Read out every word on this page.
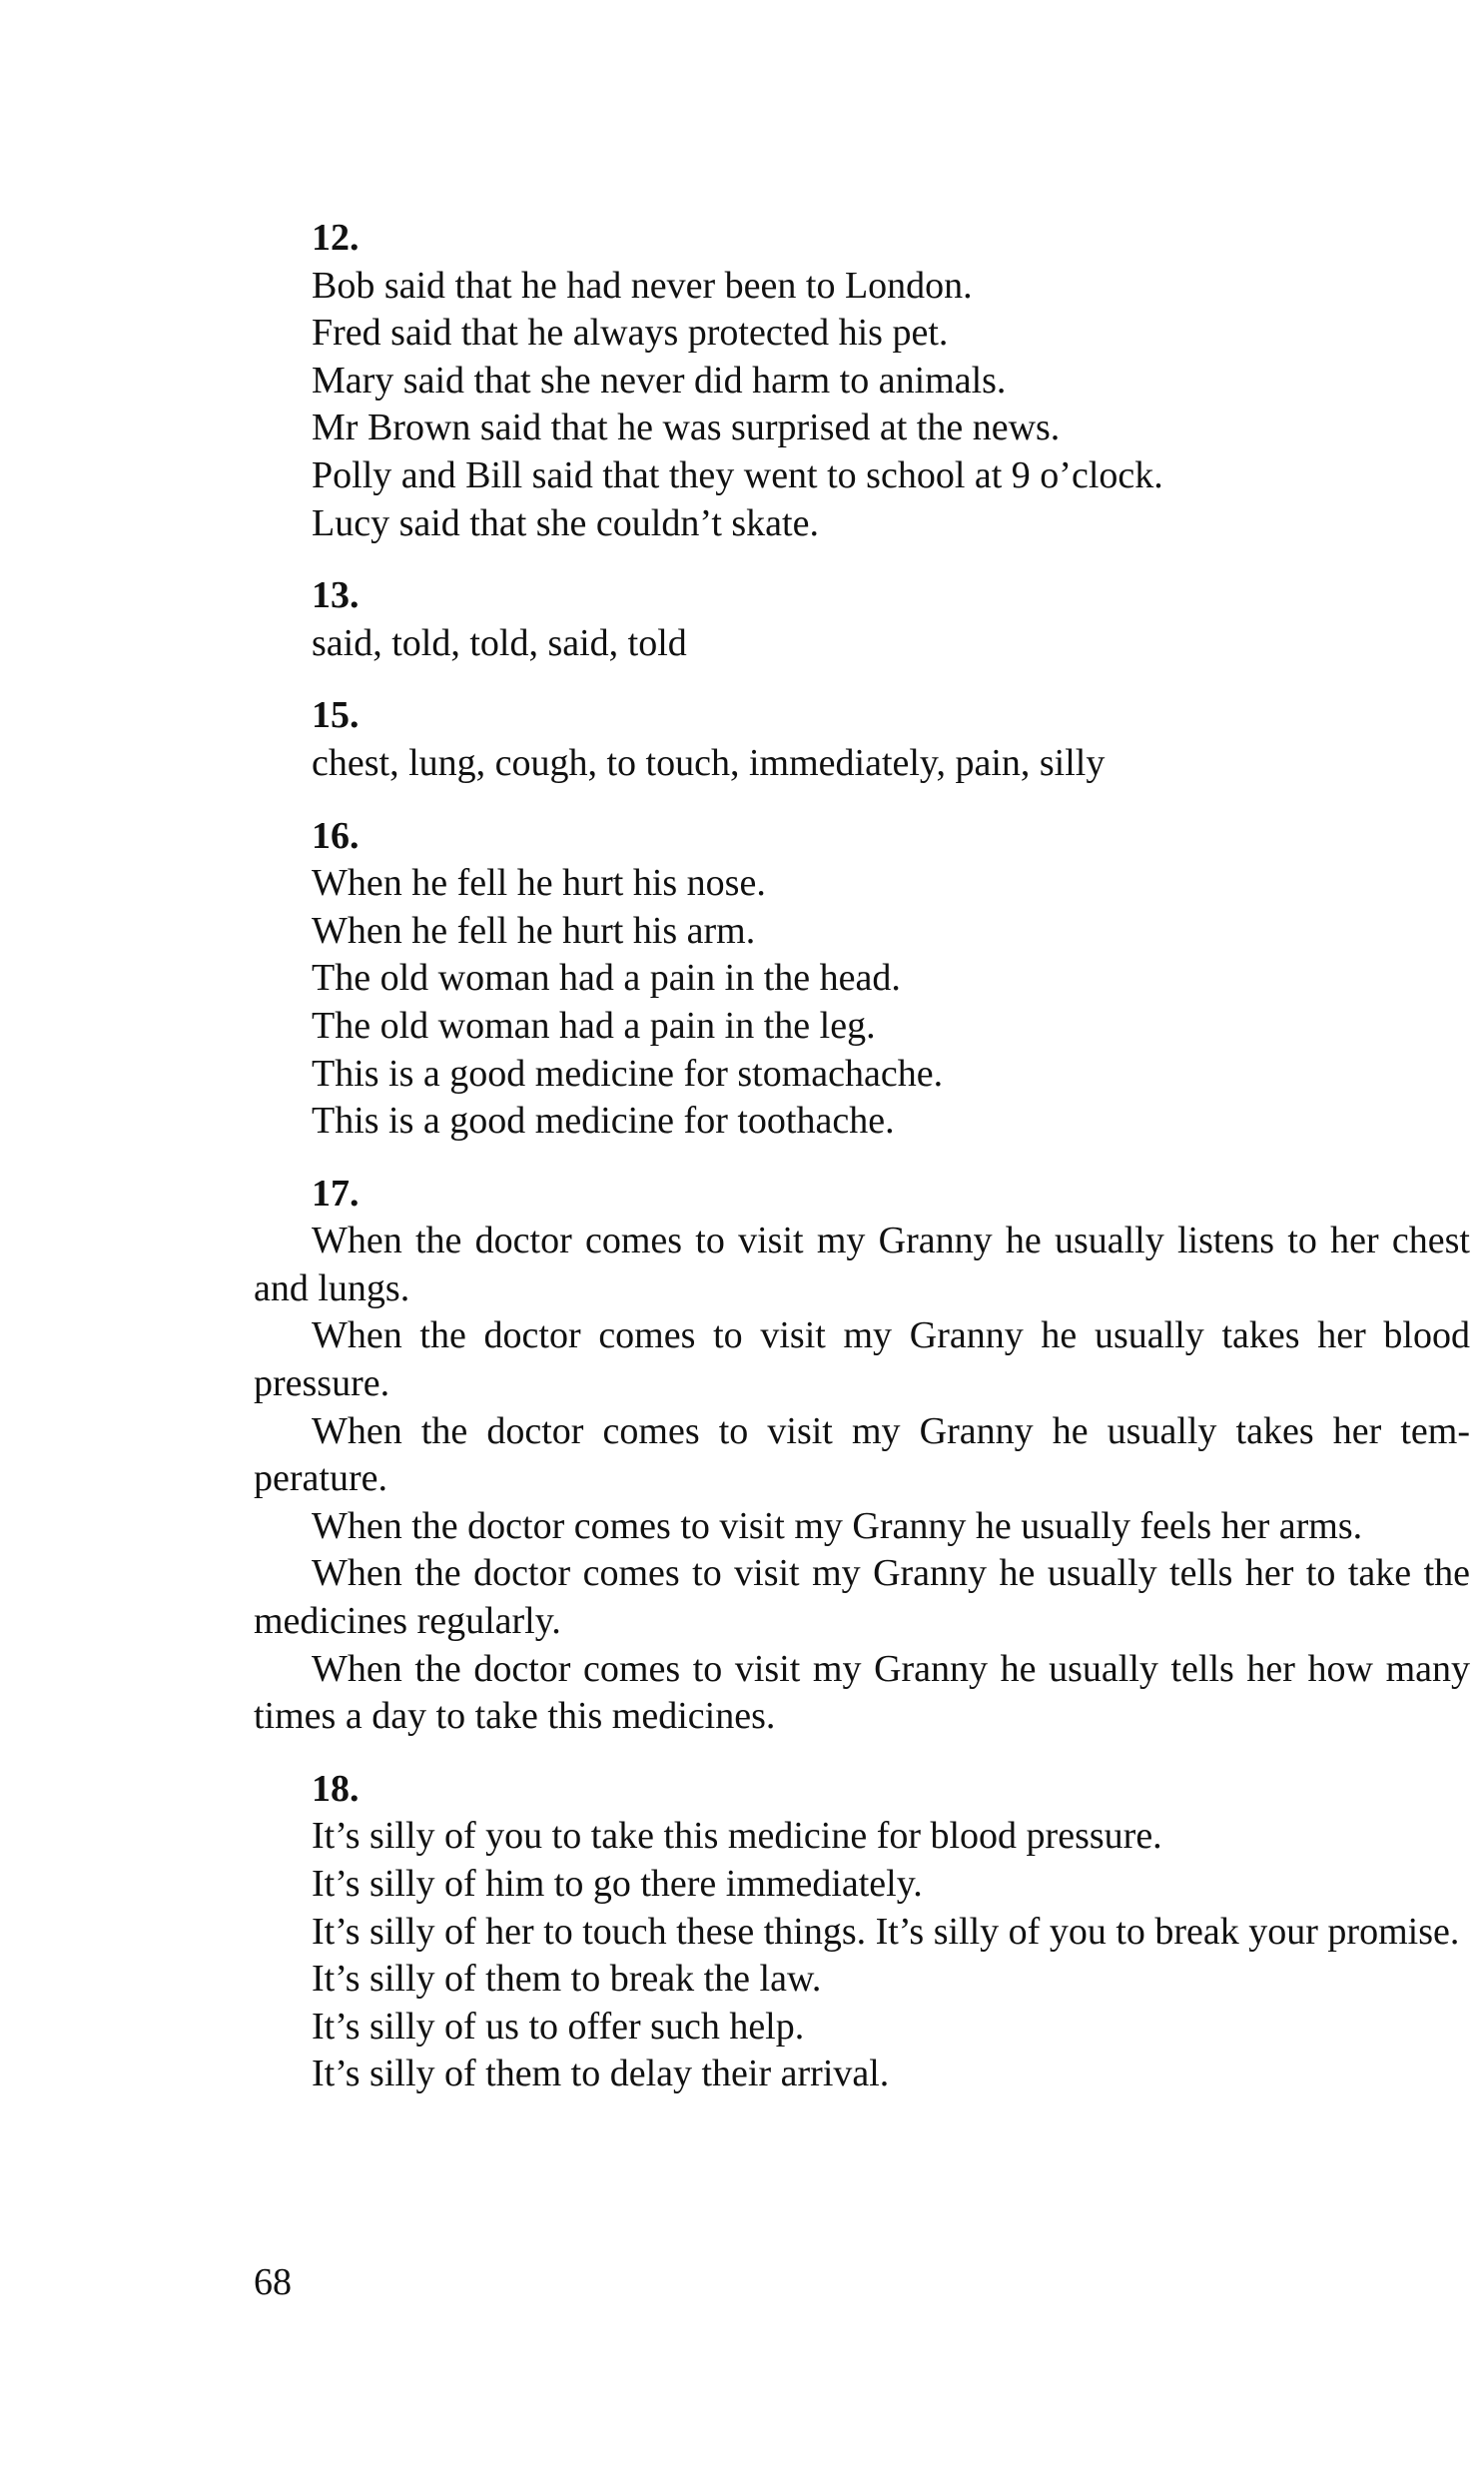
12.
Bob said that he had never been to London.
Fred said that he always protected his pet.
Mary said that she never did harm to animals.
Mr Brown said that he was surprised at the news.
Polly and Bill said that they went to school at 9 o’clock.
Lucy said that she couldn’t skate.
13.
said, told, told, said, told
15.
chest, lung, cough, to touch, immediately, pain, silly
16.
When he fell he hurt his nose.
When he fell he hurt his arm.
The old woman had a pain in the head.
The old woman had a pain in the leg.
This is a good medicine for stomachache.
This is a good medicine for toothache.
17.
When the doctor comes to visit my Granny he usually listens to her chest and lungs.
When the doctor comes to visit my Granny he usually takes her blood pressure.
When the doctor comes to visit my Granny he usually takes her temperature.
When the doctor comes to visit my Granny he usually feels her arms.
When the doctor comes to visit my Granny he usually tells her to take the medicines regularly.
When the doctor comes to visit my Granny he usually tells her how many times a day to take this medicines.
18.
It’s silly of you to take this medicine for blood pressure.
It’s silly of him to go there immediately.
It’s silly of her to touch these things. It’s silly of you to break your promise.
It’s silly of them to break the law.
It’s silly of us to offer such help.
It’s silly of them to delay their arrival.
68
